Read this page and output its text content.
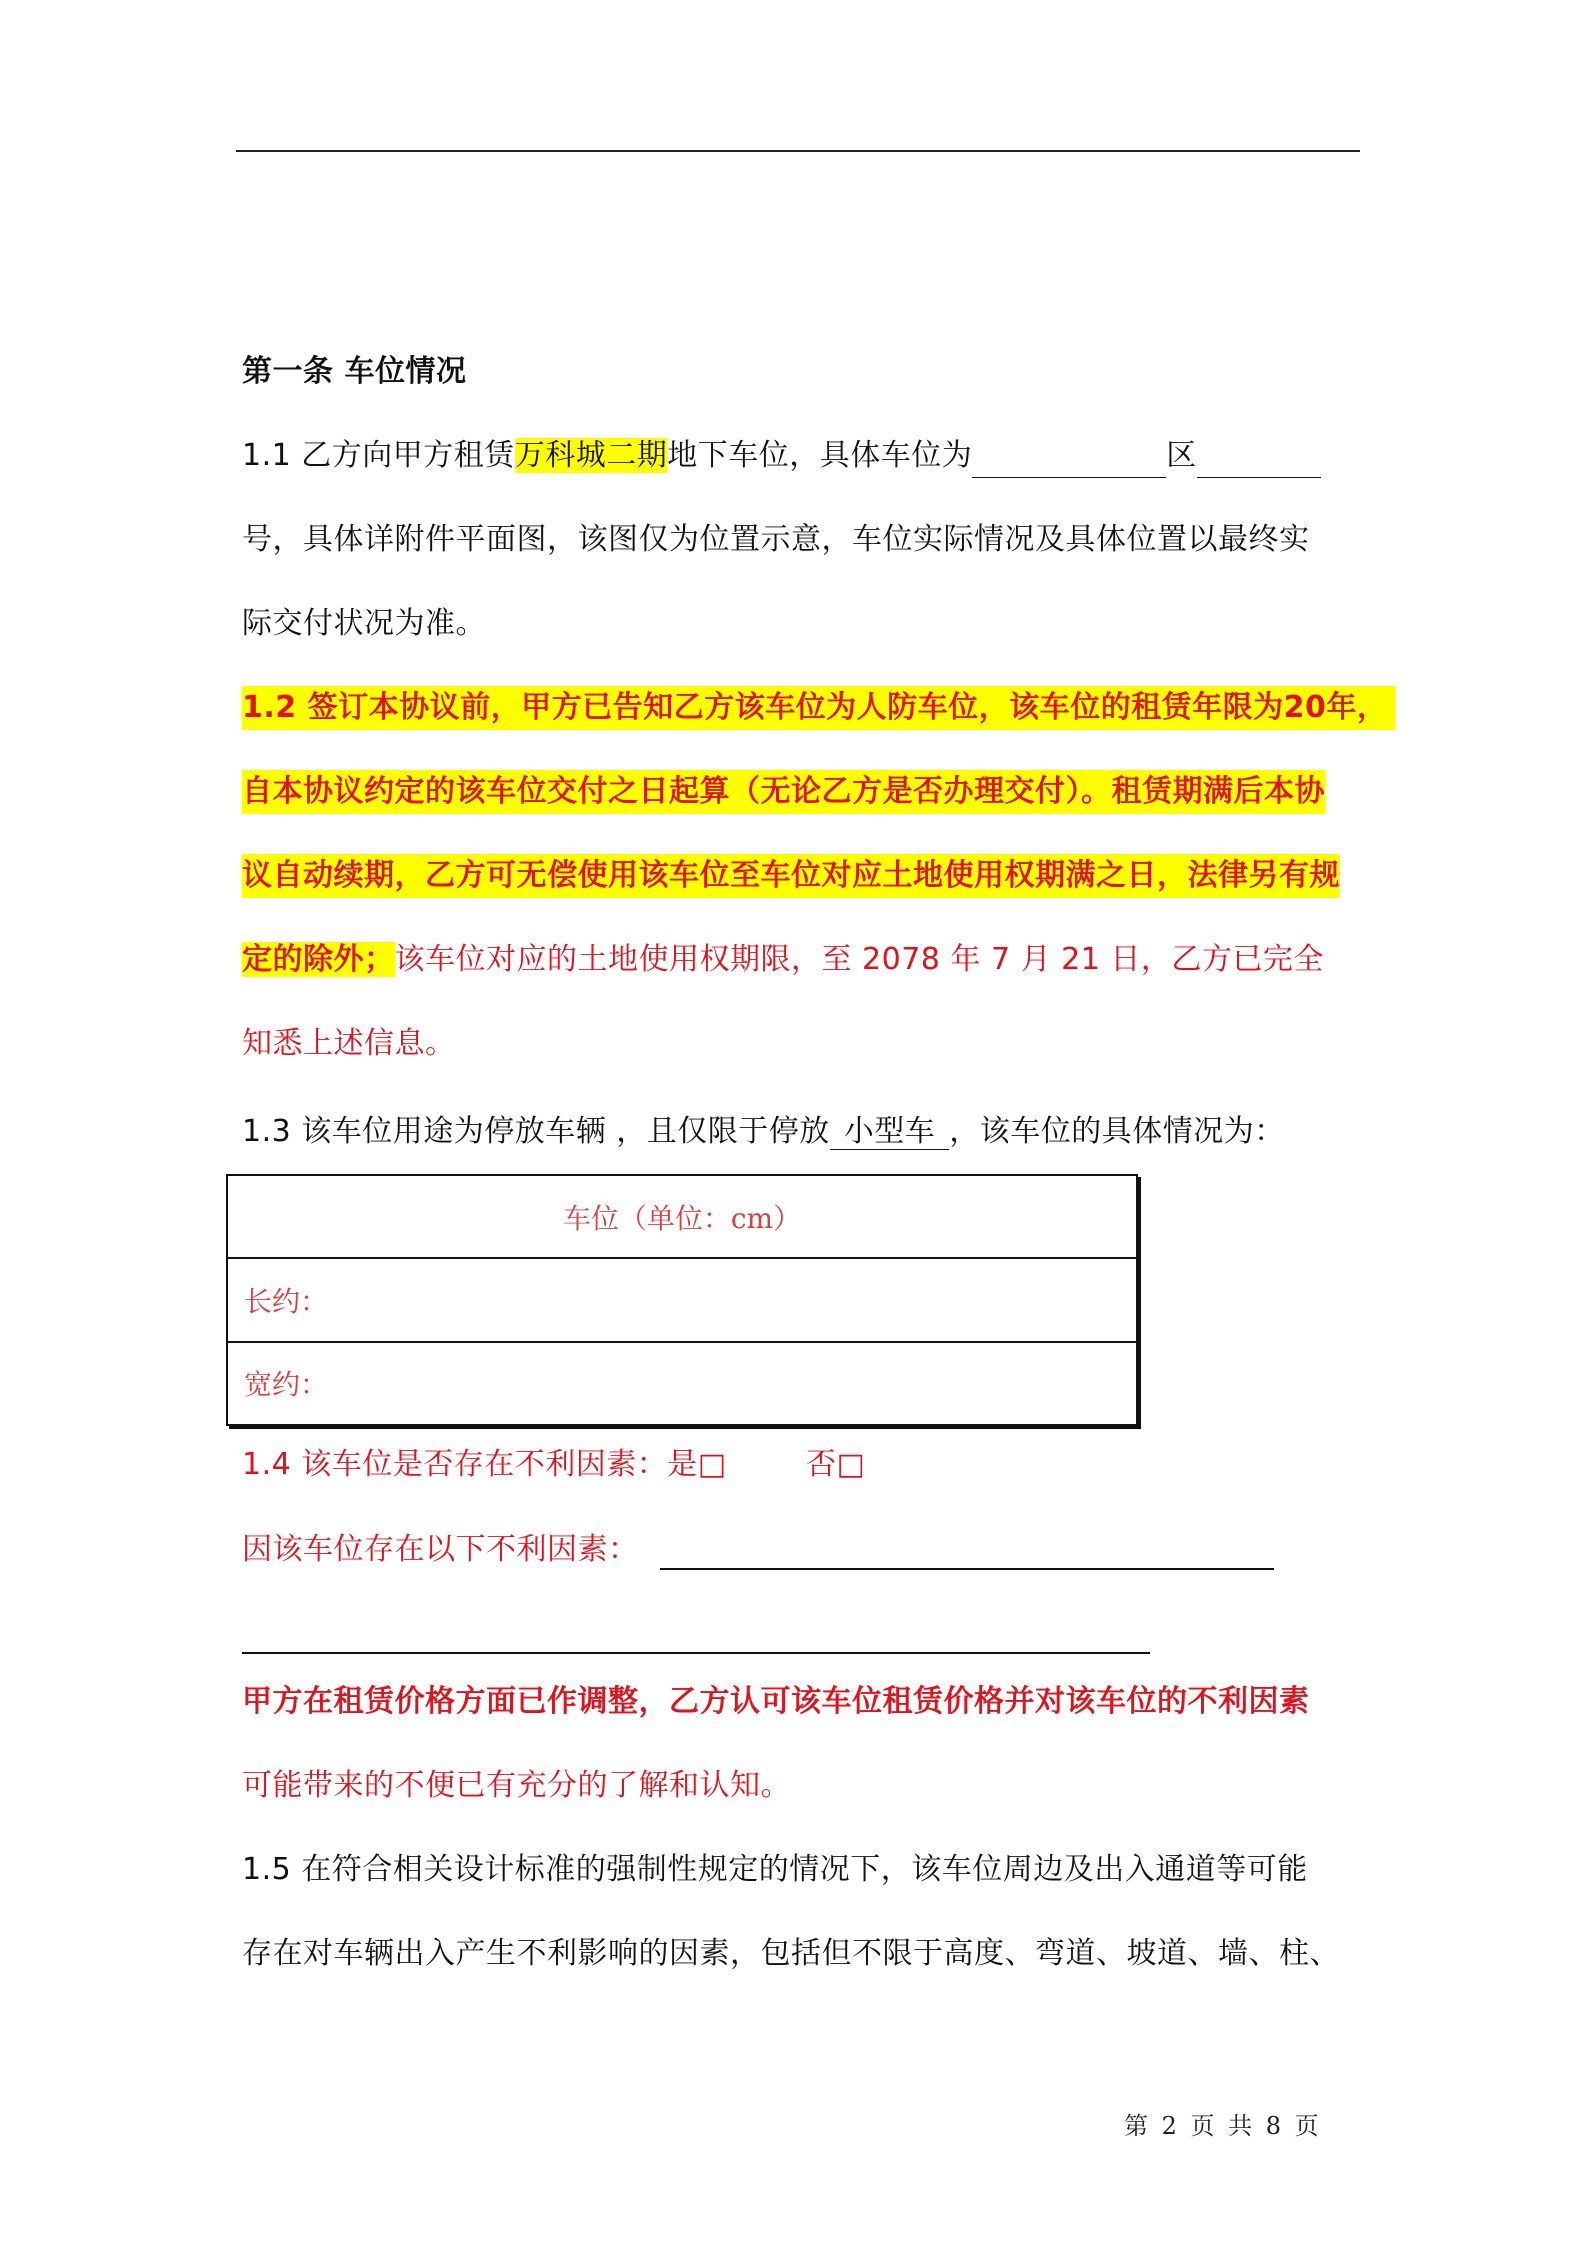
第一条 车位情况
1.1 乙方向甲方租赁万科城二期地下车位，具体车位为	区
号，具体详附件平面图，该图仅为位置示意，车位实际情况及具体位置以最终实
际交付状况为准。
1.2 签订本协议前，甲方已告知乙方该车位为人防车位，该车位的租赁年限为20年，
自本协议约定的该车位交付之日起算（无论乙方是否办理交付）。租赁期满后本协
议自动续期，乙方可无偿使用该车位至车位对应土地使用权期满之日，法律另有规
定的除外；该车位对应的土地使用权期限，至 2078 年 7 月 21 日，乙方已完全
知悉上述信息。
1.3 该车位用途为停放车辆 ，且仅限于停放 小型车 ，该车位的具体情况为：
车位（单位：cm）
长约：
宽约：
1.4 该车位是否存在不利因素：是□	否□
因该车位存在以下不利因素：
甲方在租赁价格方面已作调整，乙方认可该车位租赁价格并对该车位的不利因素
可能带来的不便已有充分的了解和认知。
1.5 在符合相关设计标准的强制性规定的情况下，该车位周边及出入通道等可能
存在对车辆出入产生不利影响的因素，包括但不限于高度、弯道、坡道、墙、柱、
第 2 页 共 8 页
